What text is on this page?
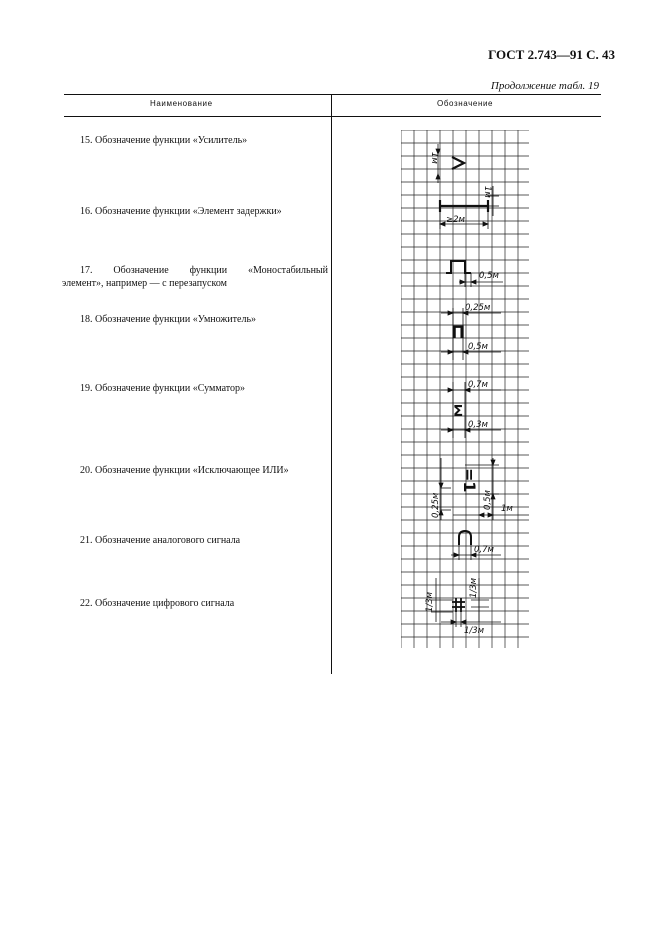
ГОСТ 2.743—91 С. 43
Продолжение табл. 19
Наименование	Обозначение
15. Обозначение функции «Усилитель»
16. Обозначение функции «Элемент задержки»
17. Обозначение функции «Моностабильный
элемент», например — с перезапуском
18. Обозначение функции «Умножитель»
19. Обозначение функции «Сумматор»
20. Обозначение функции «Исключающее ИЛИ»
21. Обозначение аналогового сигнала
22. Обозначение цифрового сигнала
1м
≥2м
1м
0,5м
П
0,25м
0,5м
Σ
0,7м
0,3м
=1
0,25м	0,5м 1м
0,7м
1/3м
1/3м
1/3м
